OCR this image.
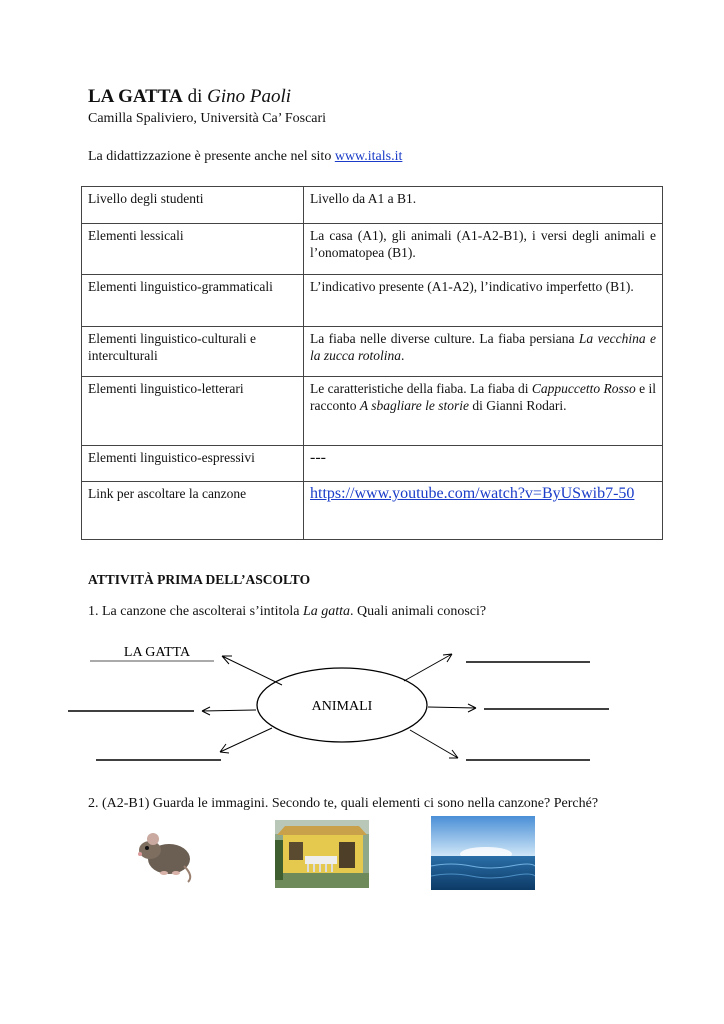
LA GATTA di Gino Paoli
Camilla Spaliviero, Università Ca’ Foscari
La didattizzazione è presente anche nel sito www.itals.it
Livello degli studenti	Livello da A1 a B1.
Elementi lessicali	La casa (A1), gli animali (A1-A2-B1), i versi degli animali e l’onomatopea (B1).
Elementi linguistico-grammaticali	L’indicativo presente (A1-A2), l’indicativo imperfetto (B1).
Elementi linguistico-culturali e interculturali	La fiaba nelle diverse culture. La fiaba persiana La vecchina e la zucca rotolina.
Elementi linguistico-letterari	Le caratteristiche della fiaba. La fiaba di Cappuccetto Rosso e il racconto A sbagliare le storie di Gianni Rodari.
Elementi linguistico-espressivi	---
Link per ascoltare la canzone	https://www.youtube.com/watch?v=ByUSwib7-50
ATTIVITÀ PRIMA DELL’ASCOLTO
1. La canzone che ascolterai s’intitola La gatta. Quali animali conosci?
LA GATTA
ANIMALI
2. (A2-B1) Guarda le immagini. Secondo te, quali elementi ci sono nella canzone? Perché?
